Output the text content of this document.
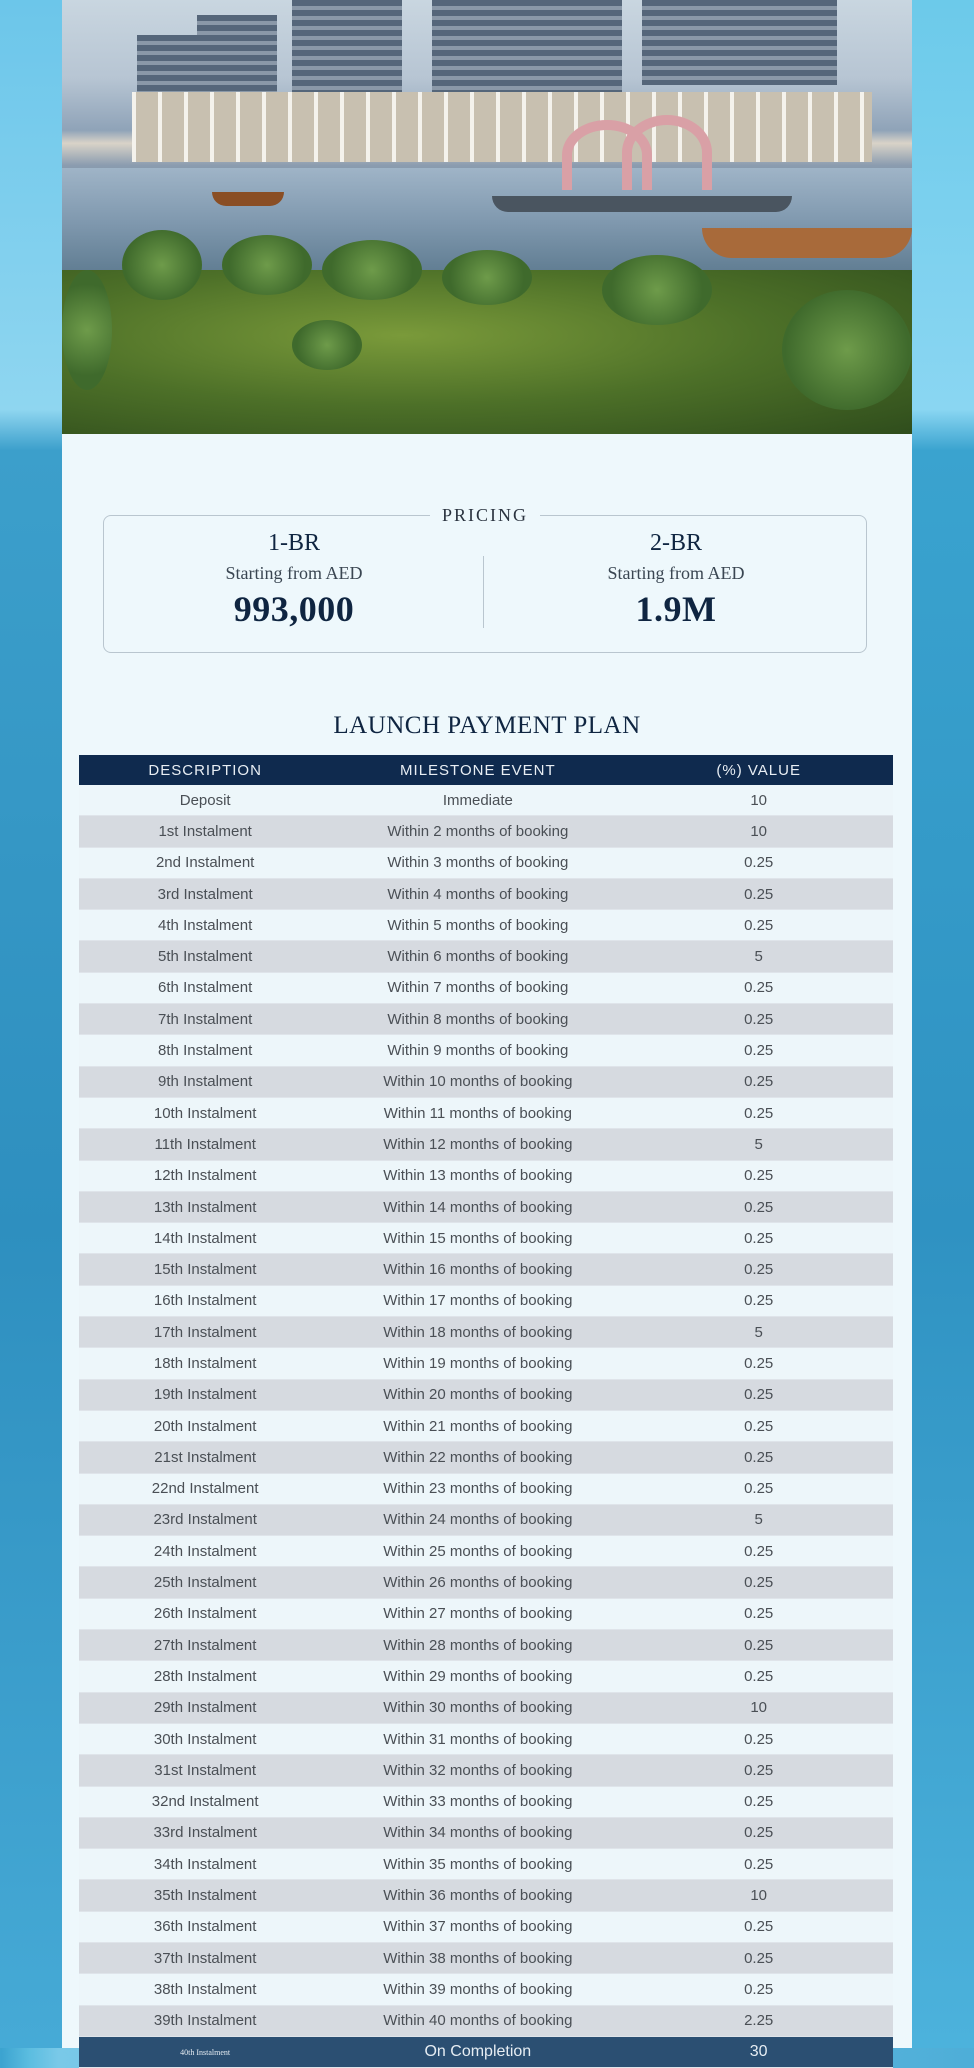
PRICING
1-BR
Starting from AED
993,000
2-BR
Starting from AED
1.9M
LAUNCH PAYMENT PLAN
DESCRIPTION	MILESTONE EVENT	(%) VALUE
Deposit	Immediate	10
1st Instalment	Within 2 months of booking	10
2nd Instalment	Within 3 months of booking	0.25
3rd Instalment	Within 4 months of booking	0.25
4th Instalment	Within 5 months of booking	0.25
5th Instalment	Within 6 months of booking	5
6th Instalment	Within 7 months of booking	0.25
7th Instalment	Within 8 months of booking	0.25
8th Instalment	Within 9 months of booking	0.25
9th Instalment	Within 10 months of booking	0.25
10th Instalment	Within 11 months of booking	0.25
11th Instalment	Within 12 months of booking	5
12th Instalment	Within 13 months of booking	0.25
13th Instalment	Within 14 months of booking	0.25
14th Instalment	Within 15 months of booking	0.25
15th Instalment	Within 16 months of booking	0.25
16th Instalment	Within 17 months of booking	0.25
17th Instalment	Within 18 months of booking	5
18th Instalment	Within 19 months of booking	0.25
19th Instalment	Within 20 months of booking	0.25
20th Instalment	Within 21 months of booking	0.25
21st Instalment	Within 22 months of booking	0.25
22nd Instalment	Within 23 months of booking	0.25
23rd Instalment	Within 24 months of booking	5
24th Instalment	Within 25 months of booking	0.25
25th Instalment	Within 26 months of booking	0.25
26th Instalment	Within 27 months of booking	0.25
27th Instalment	Within 28 months of booking	0.25
28th Instalment	Within 29 months of booking	0.25
29th Instalment	Within 30 months of booking	10
30th Instalment	Within 31 months of booking	0.25
31st Instalment	Within 32 months of booking	0.25
32nd Instalment	Within 33 months of booking	0.25
33rd Instalment	Within 34 months of booking	0.25
34th Instalment	Within 35 months of booking	0.25
35th Instalment	Within 36 months of booking	10
36th Instalment	Within 37 months of booking	0.25
37th Instalment	Within 38 months of booking	0.25
38th Instalment	Within 39 months of booking	0.25
39th Instalment	Within 40 months of booking	2.25
40th Instalment	On Completion	30
